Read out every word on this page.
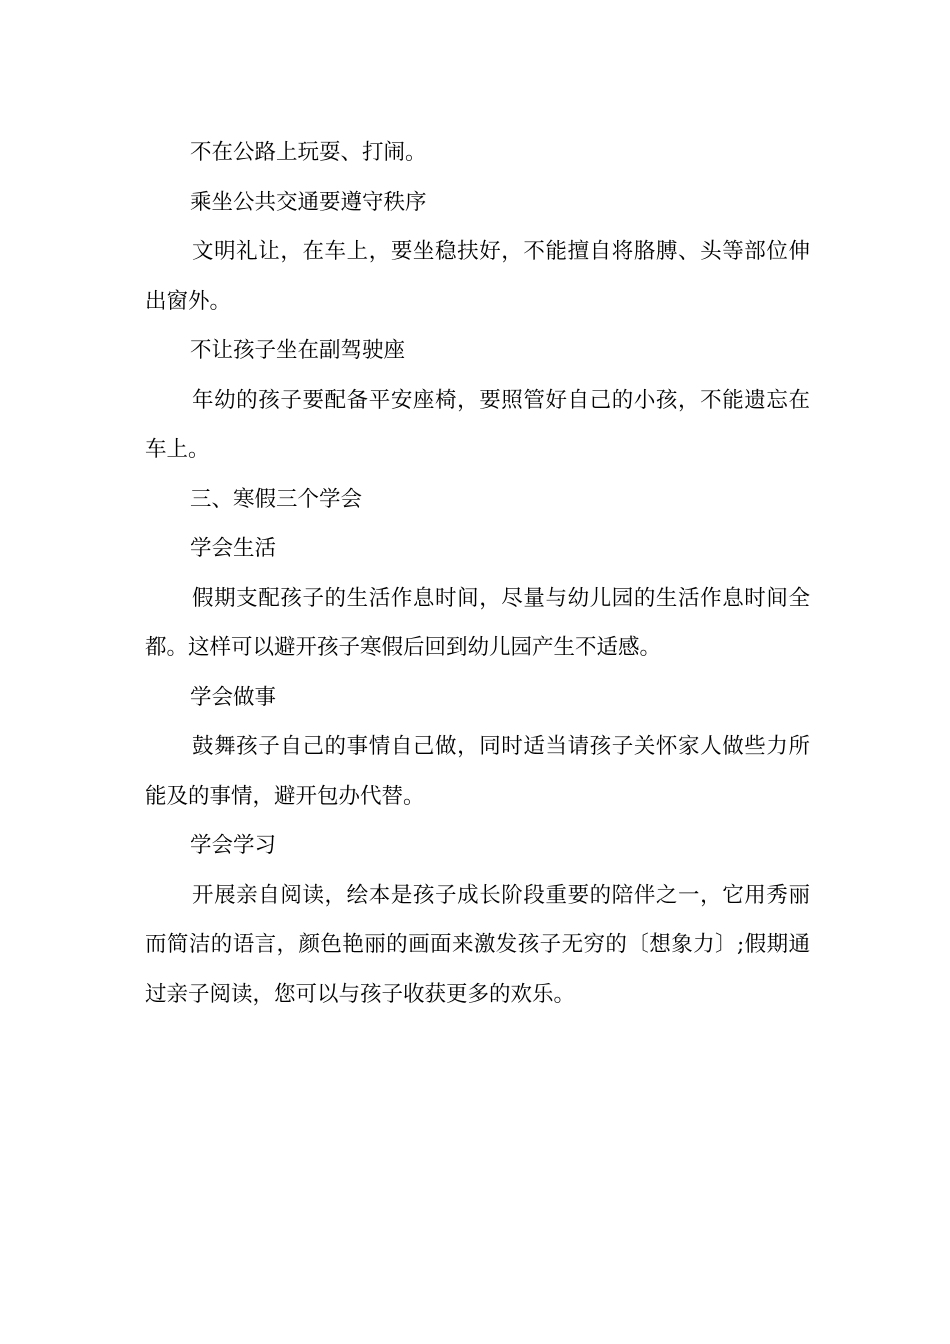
不在公路上玩耍、打闹。

乘坐公共交通要遵守秩序

文明礼让，在车上，要坐稳扶好，不能擅自将胳膊、头等部位伸出窗外。

不让孩子坐在副驾驶座

年幼的孩子要配备平安座椅，要照管好自己的小孩，不能遗忘在车上。

三、寒假三个学会

学会生活

假期支配孩子的生活作息时间，尽量与幼儿园的生活作息时间全都。这样可以避开孩子寒假后回到幼儿园产生不适感。

学会做事

鼓舞孩子自己的事情自己做，同时适当请孩子关怀家人做些力所能及的事情，避开包办代替。

学会学习

开展亲自阅读，绘本是孩子成长阶段重要的陪伴之一，它用秀丽而简洁的语言，颜色艳丽的画面来激发孩子无穷的〔想象力〕;假期通过亲子阅读，您可以与孩子收获更多的欢乐。
